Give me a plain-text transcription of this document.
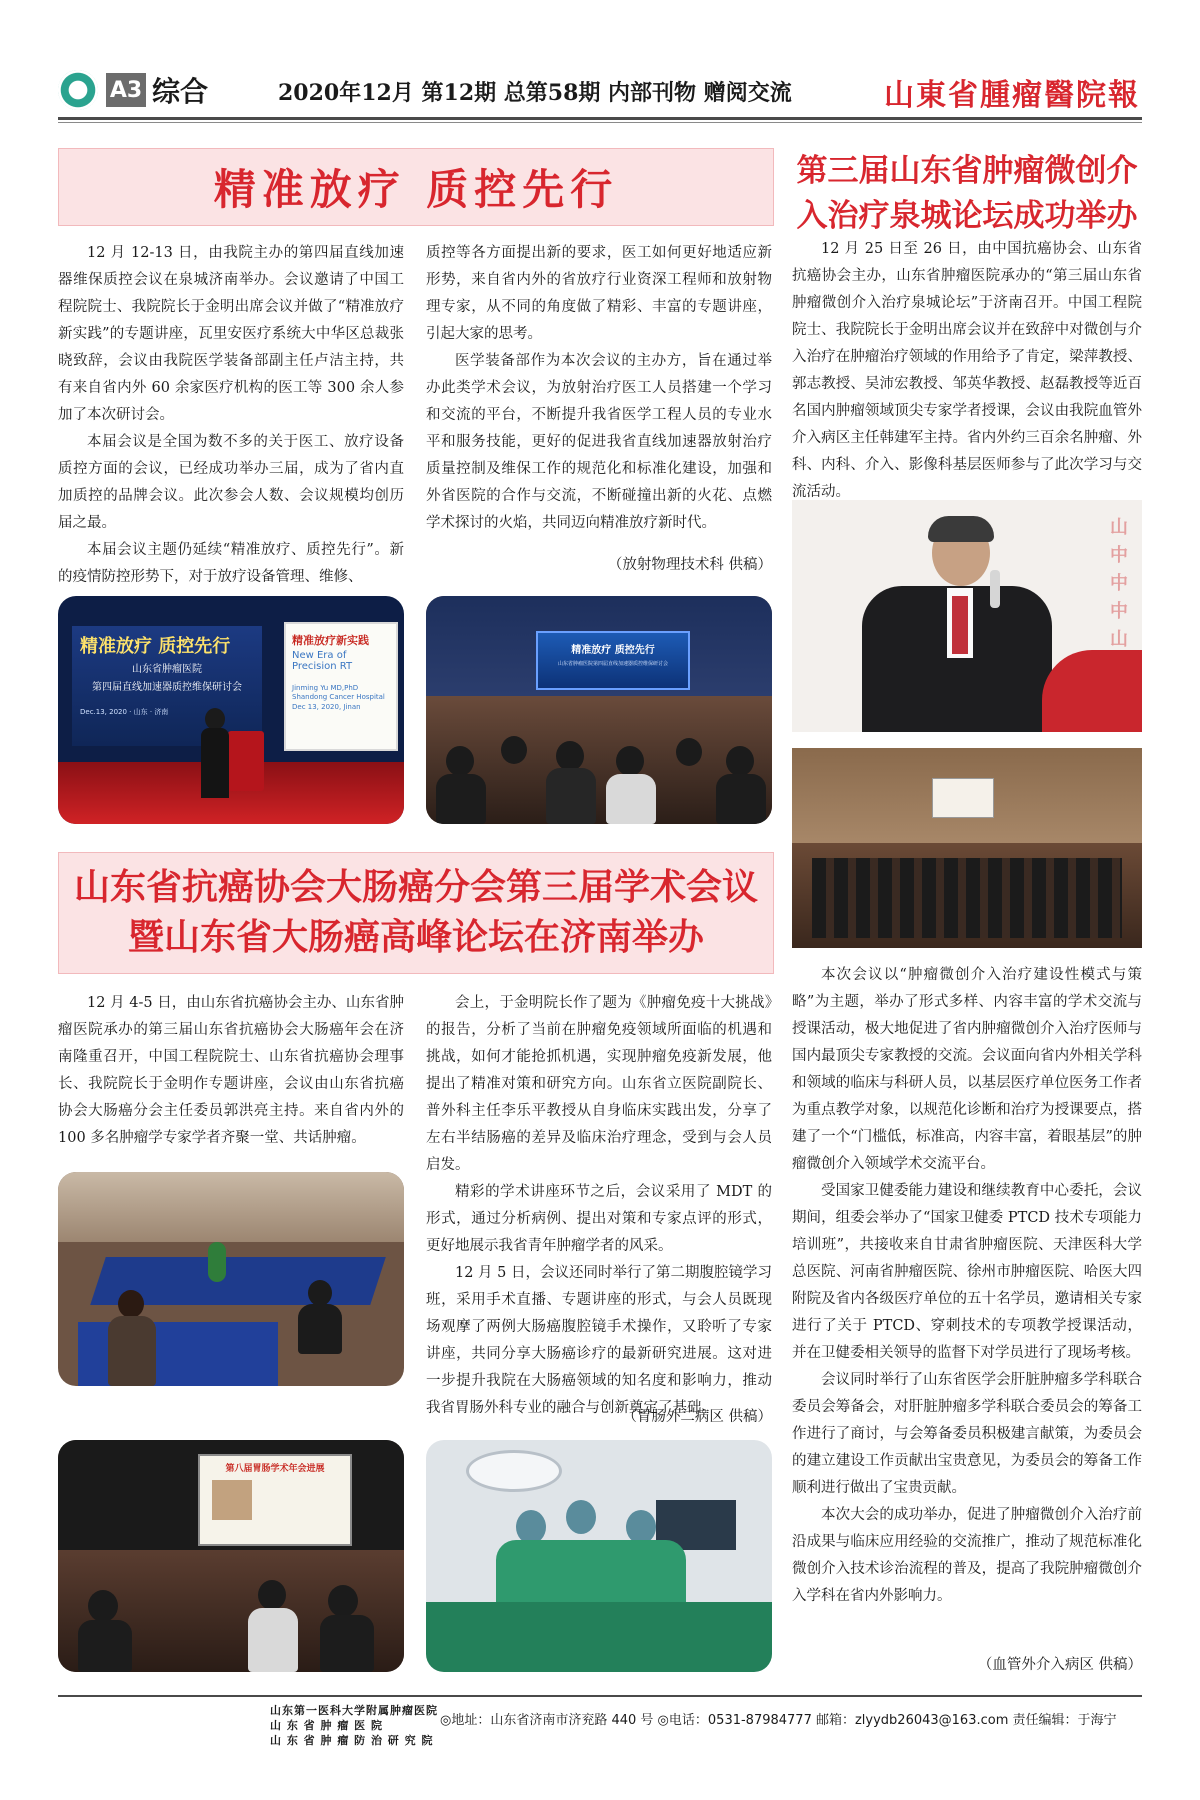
A3 综合	2020年12月 第12期 总第58期 内部刊物 赠阅交流	山東省腫瘤醫院報
精准放疗 质控先行

12 月 12-13 日，由我院主办的第四届直线加速器维保质控会议在泉城济南举办。会议邀请了中国工程院院士、我院院长于金明出席会议并做了“精准放疗新实践”的专题讲座，瓦里安医疗系统大中华区总裁张晓致辞，会议由我院医学装备部副主任卢洁主持，共有来自省内外 60 余家医疗机构的医工等 300 余人参加了本次研讨会。

本届会议是全国为数不多的关于医工、放疗设备质控方面的会议，已经成功举办三届，成为了省内直加质控的品牌会议。此次参会人数、会议规模均创历届之最。

本届会议主题仍延续“精准放疗、质控先行”。新的疫情防控形势下，对于放疗设备管理、维修、

质控等各方面提出新的要求，医工如何更好地适应新形势，来自省内外的省放疗行业资深工程师和放射物理专家，从不同的角度做了精彩、丰富的专题讲座，引起大家的思考。

医学装备部作为本次会议的主办方，旨在通过举办此类学术会议，为放射治疗医工人员搭建一个学习和交流的平台，不断提升我省医学工程人员的专业水平和服务技能，更好的促进我省直线加速器放射治疗质量控制及维保工作的规范化和标准化建设，加强和外省医院的合作与交流，不断碰撞出新的火花、点燃学术探讨的火焰，共同迈向精准放疗新时代。

（放射物理技术科 供稿）
精准放疗 质控先行
山东省肿瘤医院
第四届直线加速器质控维保研讨会
Dec.13, 2020 · 山东 · 济南
精准放疗新实践
New Era of Precision RT
Jinming Yu MD,PhD
Shandong Cancer Hospital
Dec 13, 2020, Jinan
精准放疗 质控先行
山东省肿瘤医院第四届直线加速器质控维保研讨会
第三届山东省肿瘤微创介
入治疗泉城论坛成功举办

12 月 25 日至 26 日，由中国抗癌协会、山东省抗癌协会主办，山东省肿瘤医院承办的“第三届山东省肿瘤微创介入治疗泉城论坛”于济南召开。中国工程院院士、我院院长于金明出席会议并在致辞中对微创与介入治疗在肿瘤治疗领域的作用给予了肯定，梁萍教授、郭志教授、吴沛宏教授、邹英华教授、赵磊教授等近百名国内肿瘤领域顶尖专家学者授课，会议由我院血管外介入病区主任韩建军主持。省内外约三百余名肿瘤、外科、内科、介入、影像科基层医师参与了此次学习与交流活动。

山 中 中 中 山

本次会议以“肿瘤微创介入治疗建设性模式与策略”为主题，举办了形式多样、内容丰富的学术交流与授课活动，极大地促进了省内肿瘤微创介入治疗医师与国内最顶尖专家教授的交流。会议面向省内外相关学科和领域的临床与科研人员，以基层医疗单位医务工作者为重点教学对象，以规范化诊断和治疗为授课要点，搭建了一个“门槛低，标准高，内容丰富，着眼基层”的肿瘤微创介入领域学术交流平台。

受国家卫健委能力建设和继续教育中心委托，会议期间，组委会举办了“国家卫健委 PTCD 技术专项能力培训班”，共接收来自甘肃省肿瘤医院、天津医科大学总医院、河南省肿瘤医院、徐州市肿瘤医院、哈医大四附院及省内各级医疗单位的五十名学员，邀请相关专家进行了关于 PTCD、穿刺技术的专项教学授课活动，并在卫健委相关领导的监督下对学员进行了现场考核。

会议同时举行了山东省医学会肝脏肿瘤多学科联合委员会筹备会，对肝脏肿瘤多学科联合委员会的筹备工作进行了商讨，与会筹备委员积极建言献策，为委员会的建立建设工作贡献出宝贵意见，为委员会的筹备工作顺利进行做出了宝贵贡献。

本次大会的成功举办，促进了肿瘤微创介入治疗前沿成果与临床应用经验的交流推广，推动了规范标准化微创介入技术诊治流程的普及，提高了我院肿瘤微创介入学科在省内外影响力。

（血管外介入病区 供稿）
山东省抗癌协会大肠癌分会第三届学术会议
暨山东省大肠癌高峰论坛在济南举办

12 月 4-5 日，由山东省抗癌协会主办、山东省肿瘤医院承办的第三届山东省抗癌协会大肠癌年会在济南隆重召开，中国工程院院士、山东省抗癌协会理事长、我院院长于金明作专题讲座，会议由山东省抗癌协会大肠癌分会主任委员郭洪亮主持。来自省内外的 100 多名肿瘤学专家学者齐聚一堂、共话肿瘤。

会上，于金明院长作了题为《肿瘤免疫十大挑战》的报告，分析了当前在肿瘤免疫领域所面临的机遇和挑战，如何才能抢抓机遇，实现肿瘤免疫新发展，他提出了精准对策和研究方向。山东省立医院副院长、普外科主任李乐平教授从自身临床实践出发，分享了左右半结肠癌的差异及临床治疗理念，受到与会人员启发。

精彩的学术讲座环节之后，会议采用了 MDT 的形式，通过分析病例、提出对策和专家点评的形式，更好地展示我省青年肿瘤学者的风采。

12 月 5 日，会议还同时举行了第二期腹腔镜学习班，采用手术直播、专题讲座的形式，与会人员既现场观摩了两例大肠癌腹腔镜手术操作，又聆听了专家讲座，共同分享大肠癌诊疗的最新研究进展。这对进一步提升我院在大肠癌领域的知名度和影响力，推动我省胃肠外科专业的融合与创新奠定了基础。

（胃肠外二病区 供稿）
第八届胃肠学术年会进展
山东第一医科大学附属肿瘤医院
山 东 省 肿 瘤 医 院
山 东 省 肿 瘤 防 治 研 究 院
◎地址：山东省济南市济兖路 440 号 ◎电话：0531-87984777 邮箱：zlyydb26043@163.com 责任编辑：于海宁
